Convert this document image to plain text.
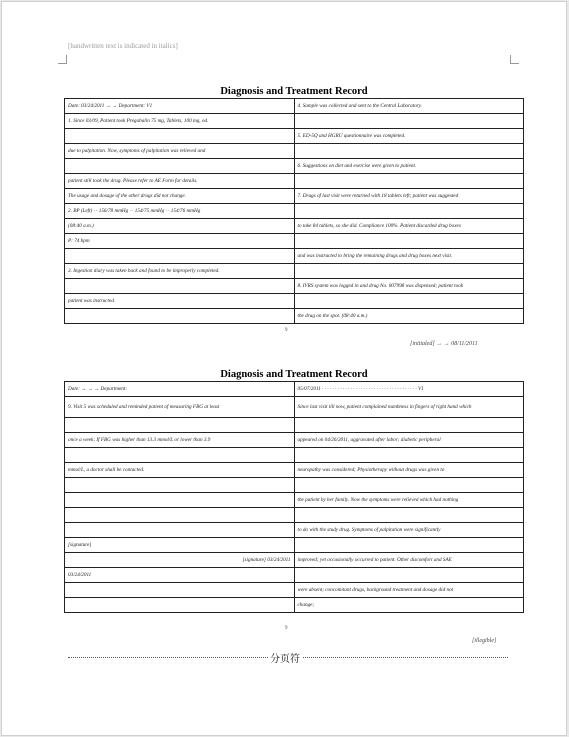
[handwritten text is indicated in italics]
Diagnosis and Treatment Record
Date: 03/24/2011 → → Department: V1	4. Sample was collected and sent to the Central Laboratory.
1. Since 03/09, Patient took Pregabalin 75 mg, Tablets, 100 mg, od.	
	5. ED-5Q and HGRU questionnaire was completed.
due to palpitation. Now, symptoms of palpitation was relieved and	
	6. Suggestions on diet and exercise were given to patient.
patient still took the drug. Please refer to AE Form for details.	
The usage and dosage of the other drugs did not change.	7. Drugs of last visit were returned with 18 tablets left; patient was suggested
2. BP (Left) · · 156/78 mmHg · · 154/75 mmHg · · 154/76 mmHg	
(08:40 a.m.)	to take 84 tablets, so she did. Compliance 100%. Patient discarded drug boxes
P: 74 bpm	
	and was instructed to bring the remaining drugs and drug boxes next visit.
3. Ingestion diary was taken back and found to be improperly completed.	
	8. IVRS system was logged in and drug No. 007998 was dispensed; patient took
patient was instructed.	
	the drug on the spot. (08:40 a.m.)
9
[initialed] → → 08/11/2011
Diagnosis and Treatment Record
Date: → → → Department:	05/07/2011 · · · · · · · · · · · · · · · · · · · · · · · · · · · · · · · · · · · · · V1
9. Visit 5 was scheduled and reminded patient of measuring FBG at least	Since last visit till now, patient complained numbness in fingers of right hand which

once a week; If FBG was higher than 13.3 mmol/L or lower than 3.9	appeared on 04/26/2011, aggravated after labor; diabetic peripheral

mmol/L, a doctor shall be contacted.	neuropathy was considered; Physiotherapy without drugs was given to

	the patient by her family. Now the symptoms were relieved which had nothing

	to do with the study drug. Symptoms of palpitation were significantly
[signature]	
[signature] 03/24/2011	improved; yet occasionally occurred to patient. Other discomfort and SAE
03/24/2011	
	were absent; concomitant drugs, background treatment and dosage did not
	change;
9
[illegible]
分页符
